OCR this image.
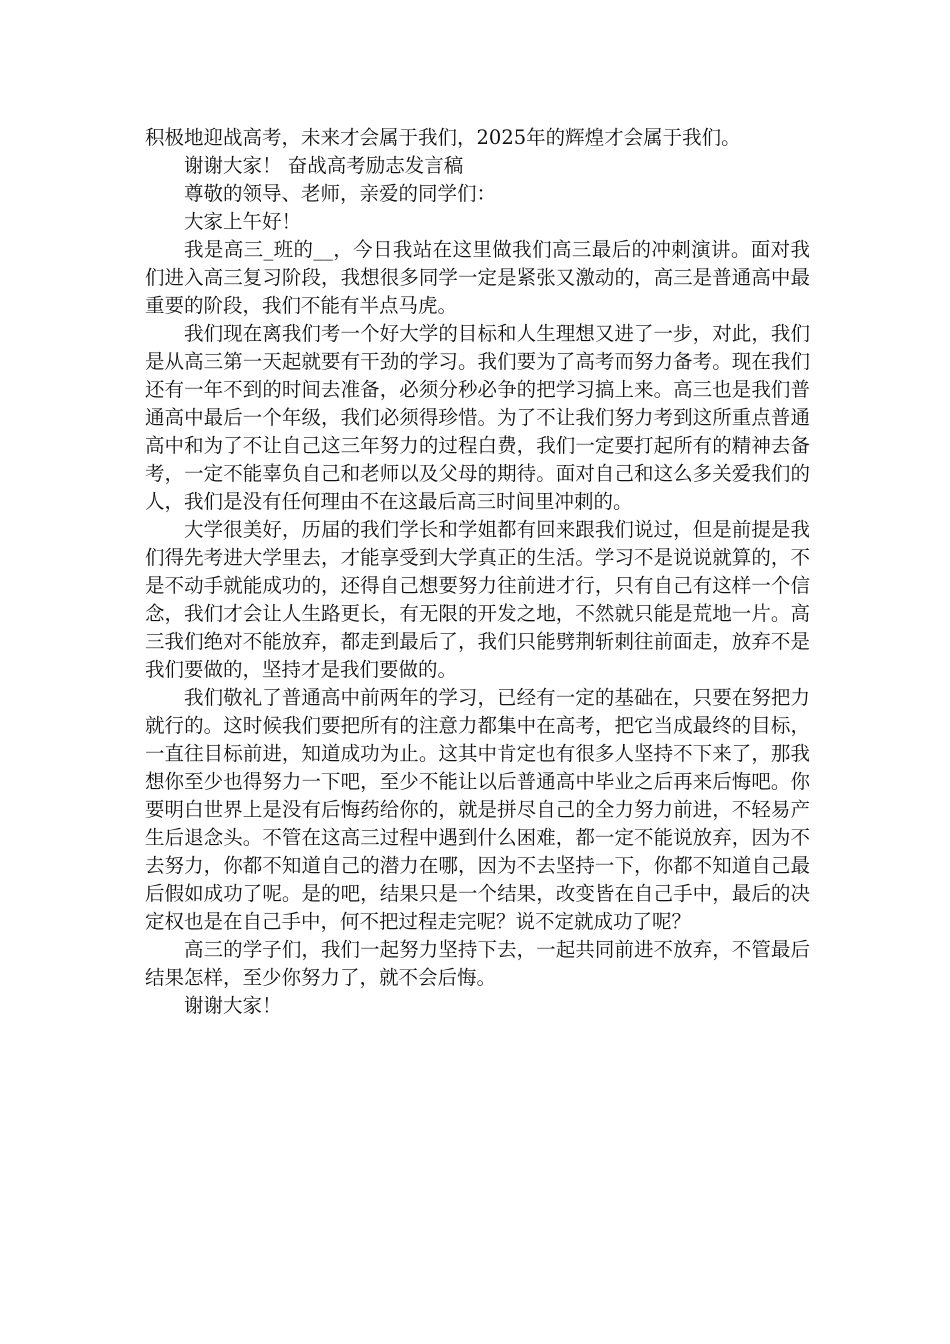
积极地迎战高考，未来才会属于我们，2025年的辉煌才会属于我们。

谢谢大家！ 奋战高考励志发言稿

尊敬的领导、老师，亲爱的同学们：

大家上午好！

我是高三_班的__，今日我站在这里做我们高三最后的冲刺演讲。面对我们进入高三复习阶段，我想很多同学一定是紧张又激动的，高三是普通高中最重要的阶段，我们不能有半点马虎。

我们现在离我们考一个好大学的目标和人生理想又进了一步，对此，我们是从高三第一天起就要有干劲的学习。我们要为了高考而努力备考。现在我们还有一年不到的时间去准备，必须分秒必争的把学习搞上来。高三也是我们普通高中最后一个年级，我们必须得珍惜。为了不让我们努力考到这所重点普通高中和为了不让自己这三年努力的过程白费，我们一定要打起所有的精神去备考，一定不能辜负自己和老师以及父母的期待。面对自己和这么多关爱我们的人，我们是没有任何理由不在这最后高三时间里冲刺的。

大学很美好，历届的我们学长和学姐都有回来跟我们说过，但是前提是我们得先考进大学里去，才能享受到大学真正的生活。学习不是说说就算的，不是不动手就能成功的，还得自己想要努力往前进才行，只有自己有这样一个信念，我们才会让人生路更长，有无限的开发之地，不然就只能是荒地一片。高三我们绝对不能放弃，都走到最后了，我们只能劈荆斩刺往前面走，放弃不是我们要做的，坚持才是我们要做的。

我们敬礼了普通高中前两年的学习，已经有一定的基础在，只要在努把力就行的。这时候我们要把所有的注意力都集中在高考，把它当成最终的目标，一直往目标前进，知道成功为止。这其中肯定也有很多人坚持不下来了，那我想你至少也得努力一下吧，至少不能让以后普通高中毕业之后再来后悔吧。你要明白世界上是没有后悔药给你的，就是拼尽自己的全力努力前进，不轻易产生后退念头。不管在这高三过程中遇到什么困难，都一定不能说放弃，因为不去努力，你都不知道自己的潜力在哪，因为不去坚持一下，你都不知道自己最后假如成功了呢。是的吧，结果只是一个结果，改变皆在自己手中，最后的决定权也是在自己手中，何不把过程走完呢？说不定就成功了呢？

高三的学子们，我们一起努力坚持下去，一起共同前进不放弃，不管最后结果怎样，至少你努力了，就不会后悔。

谢谢大家！
